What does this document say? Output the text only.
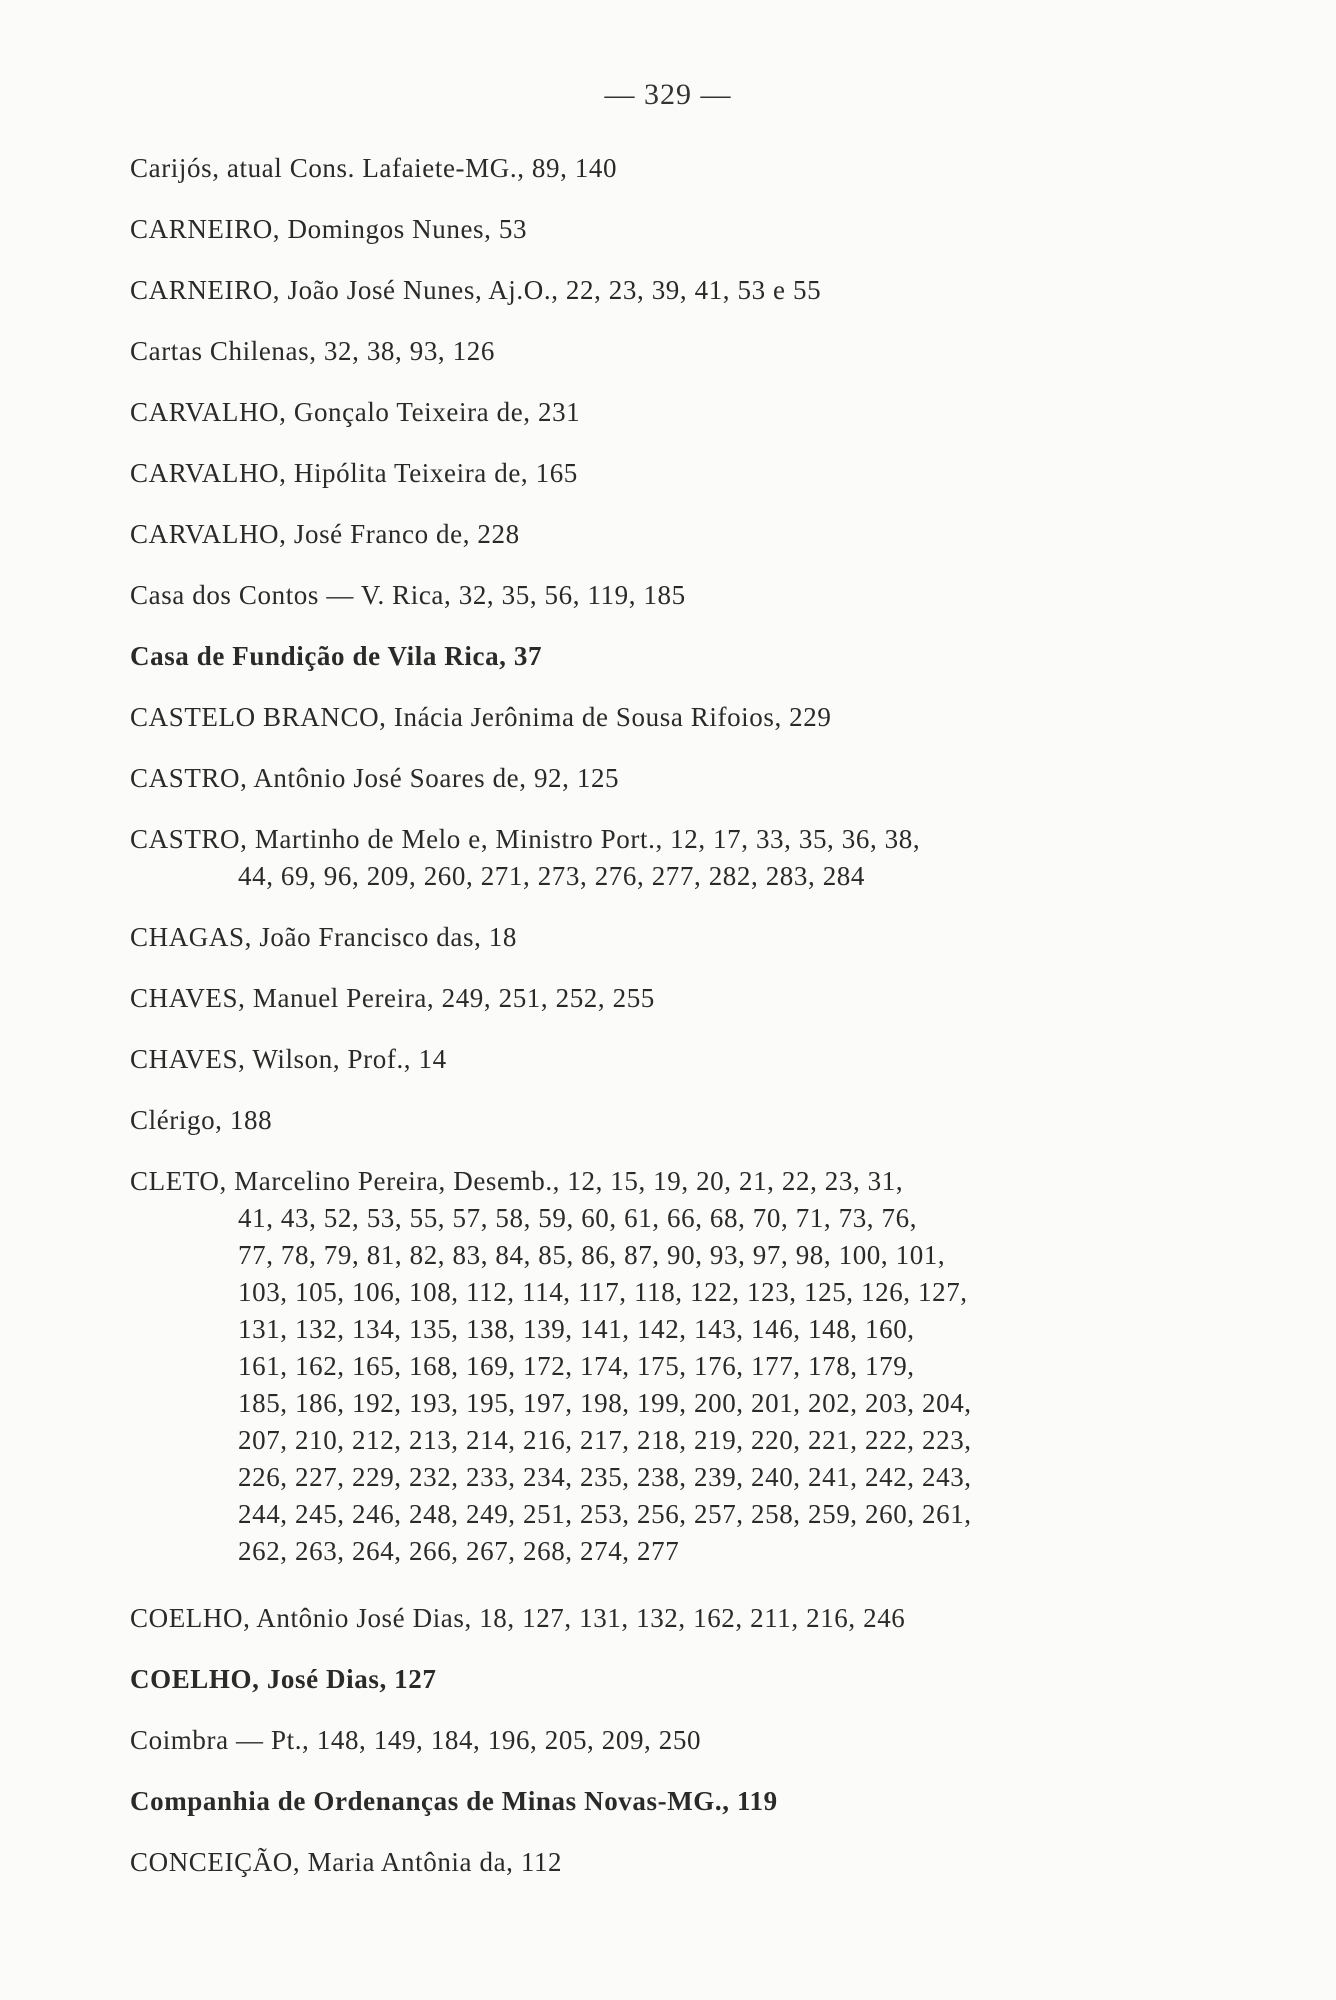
— 329 —
Carijós, atual Cons. Lafaiete-MG., 89, 140
CARNEIRO, Domingos Nunes, 53
CARNEIRO, João José Nunes, Aj.O., 22, 23, 39, 41, 53 e 55
Cartas Chilenas, 32, 38, 93, 126
CARVALHO, Gonçalo Teixeira de, 231
CARVALHO, Hipólita Teixeira de, 165
CARVALHO, José Franco de, 228
Casa dos Contos — V. Rica, 32, 35, 56, 119, 185
Casa de Fundição de Vila Rica, 37
CASTELO BRANCO, Inácia Jerônima de Sousa Rifoios, 229
CASTRO, Antônio José Soares de, 92, 125
CASTRO, Martinho de Melo e, Ministro Port., 12, 17, 33, 35, 36, 38,
44, 69, 96, 209, 260, 271, 273, 276, 277, 282, 283, 284
CHAGAS, João Francisco das, 18
CHAVES, Manuel Pereira, 249, 251, 252, 255
CHAVES, Wilson, Prof., 14
Clérigo, 188
CLETO, Marcelino Pereira, Desemb., 12, 15, 19, 20, 21, 22, 23, 31,
41, 43, 52, 53, 55, 57, 58, 59, 60, 61, 66, 68, 70, 71, 73, 76,
77, 78, 79, 81, 82, 83, 84, 85, 86, 87, 90, 93, 97, 98, 100, 101,
103, 105, 106, 108, 112, 114, 117, 118, 122, 123, 125, 126, 127,
131, 132, 134, 135, 138, 139, 141, 142, 143, 146, 148, 160,
161, 162, 165, 168, 169, 172, 174, 175, 176, 177, 178, 179,
185, 186, 192, 193, 195, 197, 198, 199, 200, 201, 202, 203, 204,
207, 210, 212, 213, 214, 216, 217, 218, 219, 220, 221, 222, 223,
226, 227, 229, 232, 233, 234, 235, 238, 239, 240, 241, 242, 243,
244, 245, 246, 248, 249, 251, 253, 256, 257, 258, 259, 260, 261,
262, 263, 264, 266, 267, 268, 274, 277
COELHO, Antônio José Dias, 18, 127, 131, 132, 162, 211, 216, 246
COELHO, José Dias, 127
Coimbra — Pt., 148, 149, 184, 196, 205, 209, 250
Companhia de Ordenanças de Minas Novas-MG., 119
CONCEIÇÃO, Maria Antônia da, 112
